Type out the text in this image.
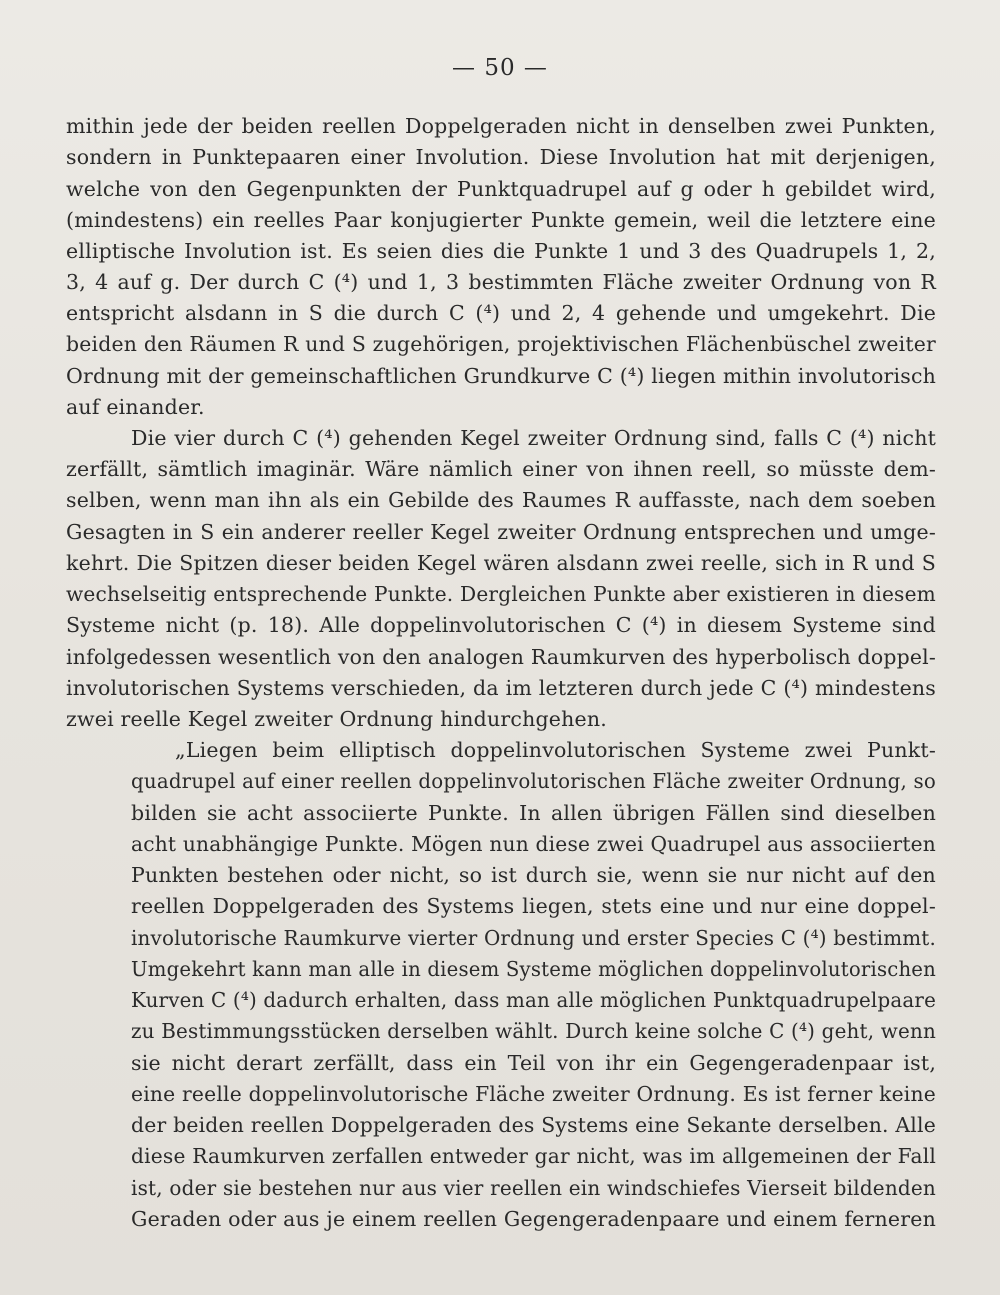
— 50 —
mithin jede der beiden reellen Doppelgeraden nicht in denselben zwei Punkten,
sondern in Punktepaaren einer Involution. Diese Involution hat mit derjenigen,
welche von den Gegenpunkten der Punktquadrupel auf g oder h gebildet wird,
(mindestens) ein reelles Paar konjugierter Punkte gemein, weil die letztere eine
elliptische Involution ist. Es seien dies die Punkte 1 und 3 des Quadrupels 1, 2,
3, 4 auf g. Der durch C (⁴) und 1, 3 bestimmten Fläche zweiter Ordnung von R
entspricht alsdann in S die durch C (⁴) und 2, 4 gehende und umgekehrt. Die
beiden den Räumen R und S zugehörigen, projektivischen Flächenbüschel zweiter
Ordnung mit der gemeinschaftlichen Grundkurve C (⁴) liegen mithin involutorisch
auf einander.
Die vier durch C (⁴) gehenden Kegel zweiter Ordnung sind, falls C (⁴) nicht
zerfällt, sämtlich imaginär. Wäre nämlich einer von ihnen reell, so müsste dem-
selben, wenn man ihn als ein Gebilde des Raumes R auffasste, nach dem soeben
Gesagten in S ein anderer reeller Kegel zweiter Ordnung entsprechen und umge-
kehrt. Die Spitzen dieser beiden Kegel wären alsdann zwei reelle, sich in R und S
wechselseitig entsprechende Punkte. Dergleichen Punkte aber existieren in diesem
Systeme nicht (p. 18). Alle doppelinvolutorischen C (⁴) in diesem Systeme sind
infolgedessen wesentlich von den analogen Raumkurven des hyperbolisch doppel-
involutorischen Systems verschieden, da im letzteren durch jede C (⁴) mindestens
zwei reelle Kegel zweiter Ordnung hindurchgehen.
„Liegen beim elliptisch doppelinvolutorischen Systeme zwei Punkt-
quadrupel auf einer reellen doppelinvolutorischen Fläche zweiter Ordnung, so
bilden sie acht associierte Punkte. In allen übrigen Fällen sind dieselben
acht unabhängige Punkte. Mögen nun diese zwei Quadrupel aus associierten
Punkten bestehen oder nicht, so ist durch sie, wenn sie nur nicht auf den
reellen Doppelgeraden des Systems liegen, stets eine und nur eine doppel-
involutorische Raumkurve vierter Ordnung und erster Species C (⁴) bestimmt.
Umgekehrt kann man alle in diesem Systeme möglichen doppelinvolutorischen
Kurven C (⁴) dadurch erhalten, dass man alle möglichen Punktquadrupelpaare
zu Bestimmungsstücken derselben wählt. Durch keine solche C (⁴) geht, wenn
sie nicht derart zerfällt, dass ein Teil von ihr ein Gegengeradenpaar ist,
eine reelle doppelinvolutorische Fläche zweiter Ordnung. Es ist ferner keine
der beiden reellen Doppelgeraden des Systems eine Sekante derselben. Alle
diese Raumkurven zerfallen entweder gar nicht, was im allgemeinen der Fall
ist, oder sie bestehen nur aus vier reellen ein windschiefes Vierseit bildenden
Geraden oder aus je einem reellen Gegengeradenpaare und einem ferneren
